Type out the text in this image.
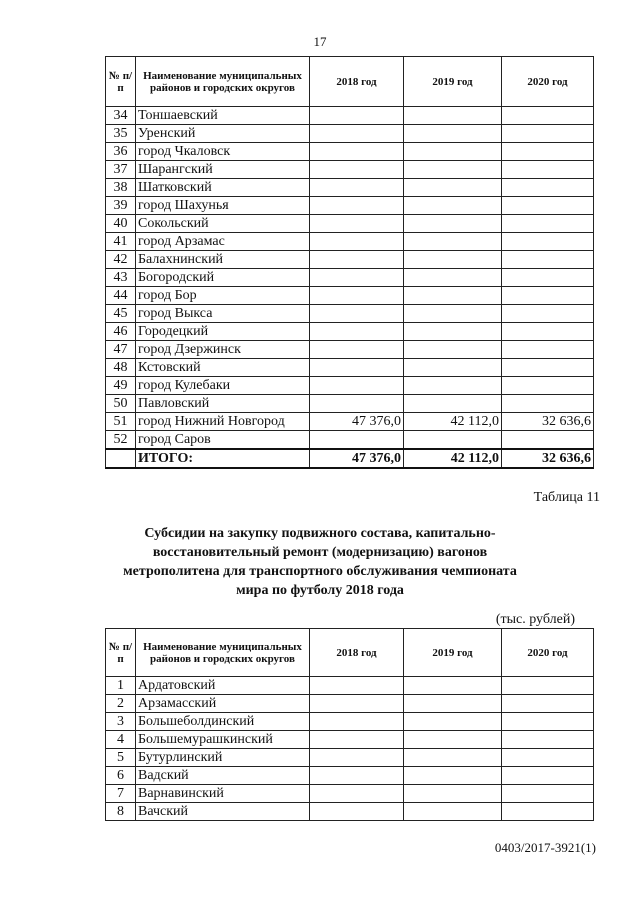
17
№ п/п	Наименование муниципальных районов и городских округов	2018 год	2019 год	2020 год
34	Тоншаевский			
35	Уренский			
36	город Чкаловск			
37	Шарангский			
38	Шатковский			
39	город Шахунья			
40	Сокольский			
41	город Арзамас			
42	Балахнинский			
43	Богородский			
44	город Бор			
45	город Выкса			
46	Городецкий			
47	город Дзержинск			
48	Кстовский			
49	город Кулебаки			
50	Павловский			
51	город Нижний Новгород	47 376,0	42 112,0	32 636,6
52	город Саров			
	ИТОГО:	47 376,0	42 112,0	32 636,6
Таблица 11
Субсидии на закупку подвижного состава, капитально-восстановительный ремонт (модернизацию) вагонов метрополитена для транспортного обслуживания чемпионата мира по футболу 2018 года
(тыс. рублей)
№ п/п	Наименование муниципальных районов и городских округов	2018 год	2019 год	2020 год
1	Ардатовский			
2	Арзамасский			
3	Большеболдинский			
4	Большемурашкинский			
5	Бутурлинский			
6	Вадский			
7	Варнавинский			
8	Вачский			
0403/2017-3921(1)
